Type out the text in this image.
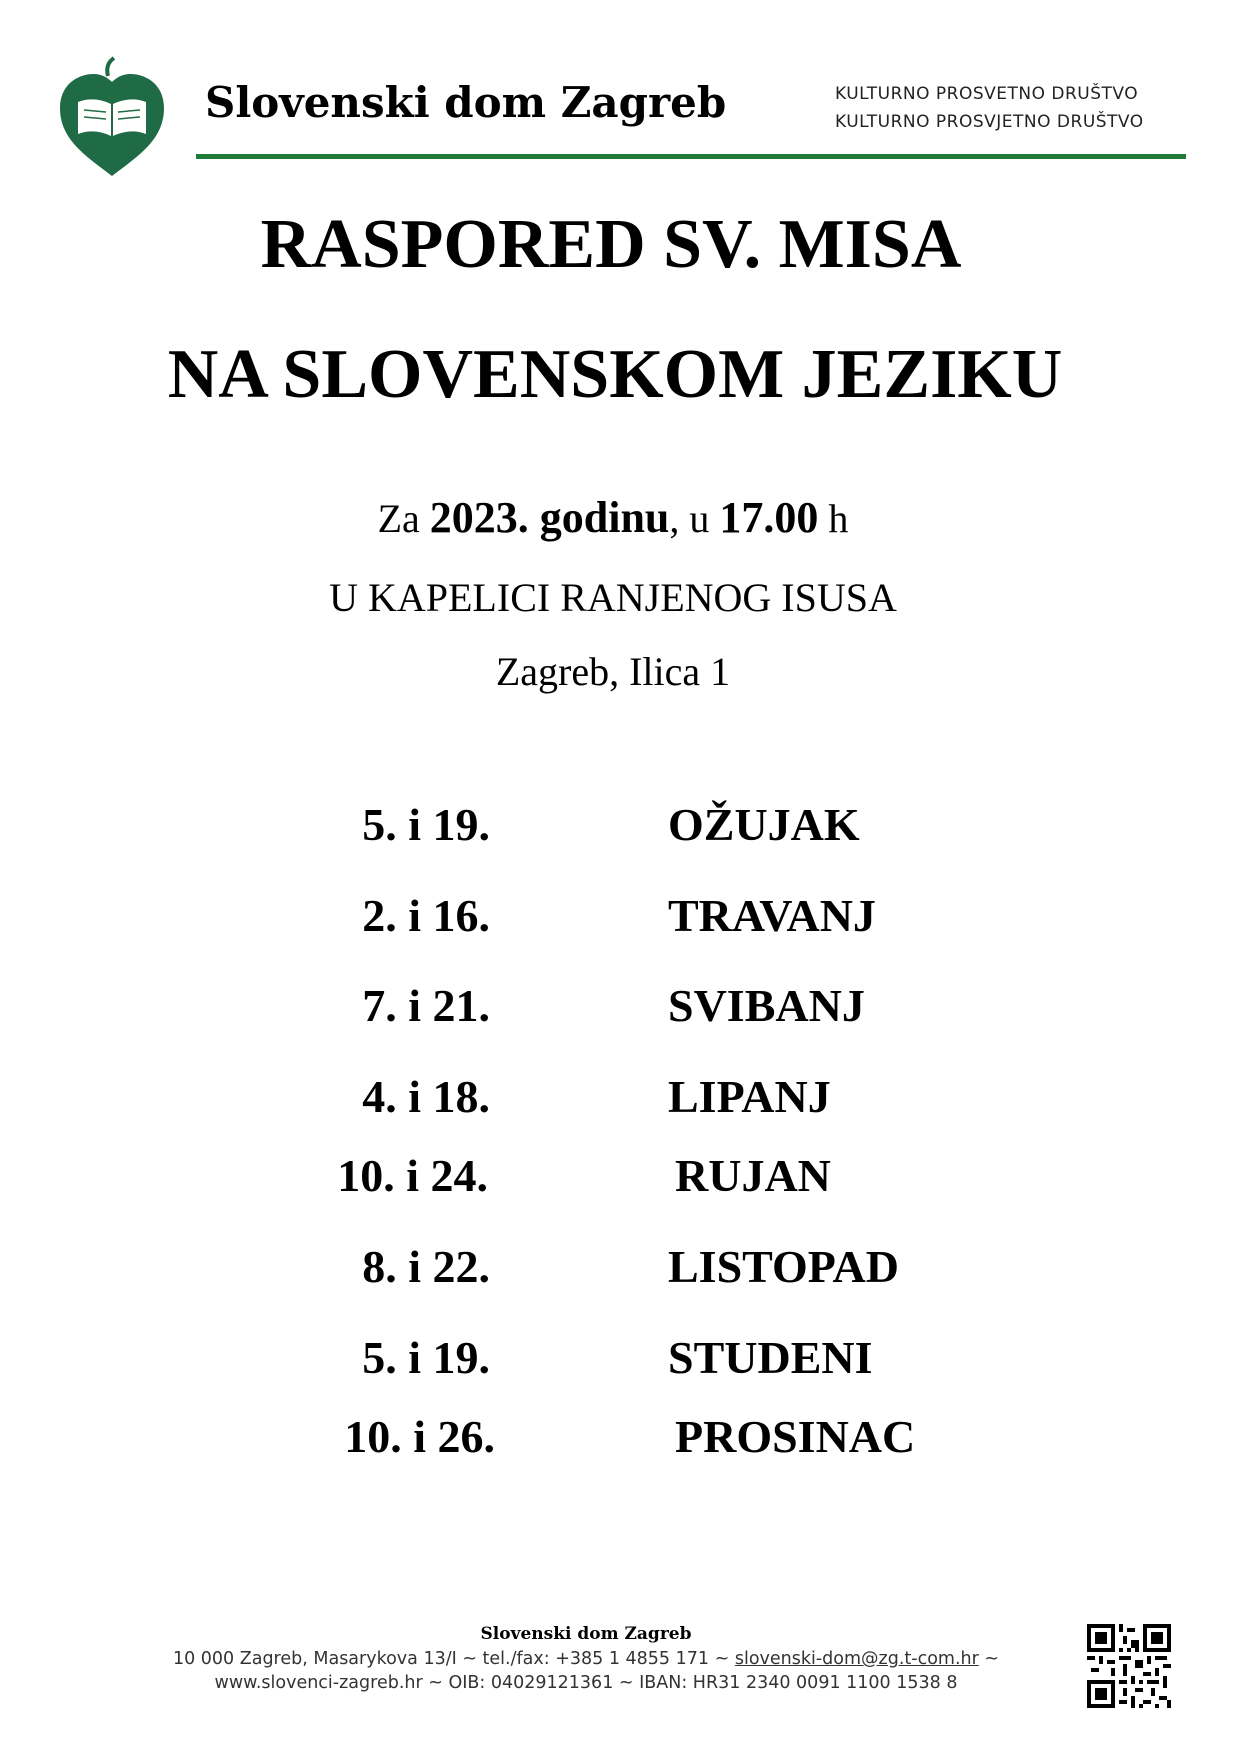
Slovenski dom Zagreb	KULTURNO PROSVETNO DRUŠTVO
KULTURNO PROSVJETNO DRUŠTVO
RASPORED SV. MISA
NA SLOVENSKOM JEZIKU
Za 2023. godinu, u 17.00 h
U KAPELICI RANJENOG ISUSA
Zagreb, Ilica 1
5. i 19.	OŽUJAK
2. i 16.	TRAVANJ
7. i 21.	SVIBANJ
4. i 18.	LIPANJ
10. i 24.	RUJAN
8. i 22.	LISTOPAD
5. i 19.	STUDENI
10. i 26.	PROSINAC
Slovenski dom Zagreb
10 000 Zagreb, Masarykova 13/I ~ tel./fax: +385 1 4855 171 ~ slovenski-dom@zg.t-com.hr ~
www.slovenci-zagreb.hr ~ OIB: 04029121361 ~ IBAN: HR31 2340 0091 1100 1538 8
